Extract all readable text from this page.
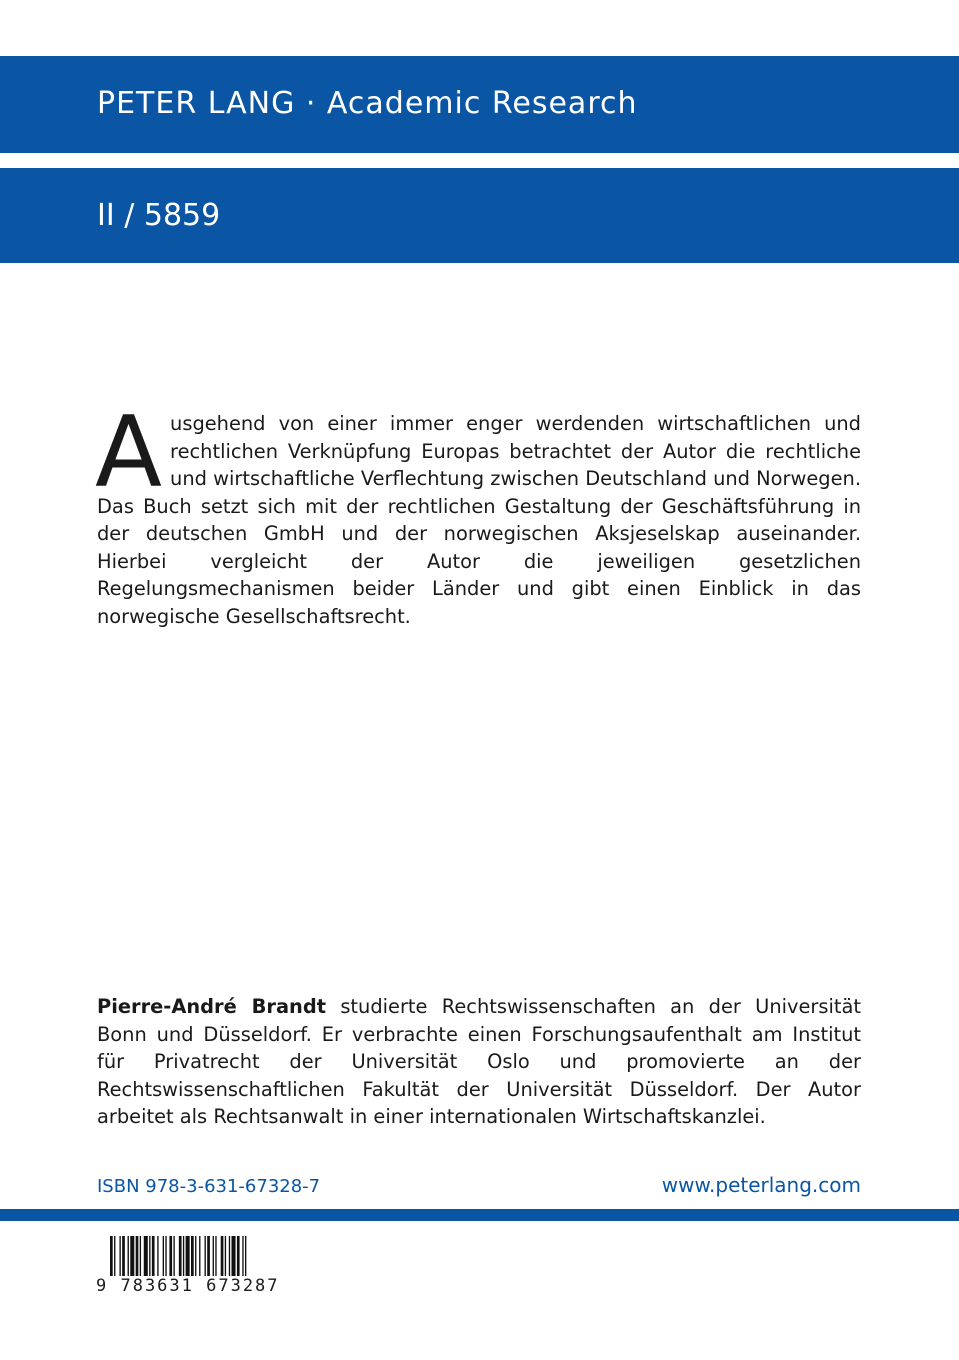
PETER LANG · Academic Research
II / 5859
A usgehend von einer immer enger werdenden wirtschaftlichen und rechtlichen Verknüpfung Europas betrachtet der Autor die rechtliche und wirtschaftliche Verflechtung zwischen Deutschland und Norwegen. Das Buch setzt sich mit der rechtlichen Gestaltung der Geschäftsführung in der deutschen GmbH und der norwegischen Aksjeselskap auseinander. Hierbei vergleicht der Autor die jeweiligen gesetzlichen Regelungsmechanismen beider Länder und gibt einen Einblick in das norwegische Gesellschaftsrecht.
Pierre-André Brandt studierte Rechtswissenschaften an der Universität Bonn und Düsseldorf. Er verbrachte einen Forschungsaufenthalt am Institut für Privatrecht der Universität Oslo und promovierte an der Rechtswissenschaftlichen Fakultät der Universität Düsseldorf. Der Autor arbeitet als Rechtsanwalt in einer internationalen Wirtschaftskanzlei.
ISBN 978-3-631-67328-7	www.peterlang.com
9 783631 673287
